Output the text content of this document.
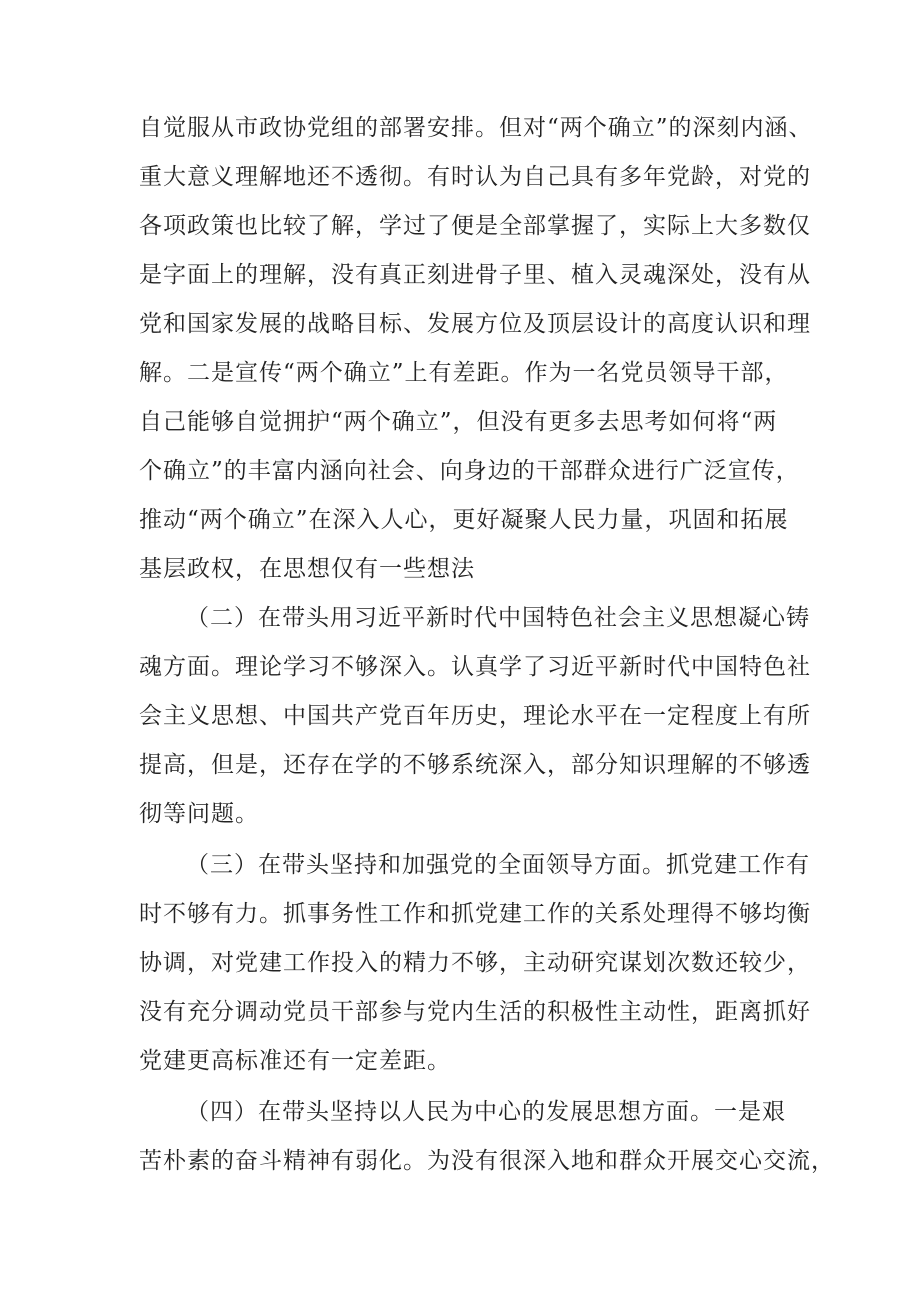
自觉服从市政协党组的部署安排。但对“两个确立”的深刻内涵、
重大意义理解地还不透彻。有时认为自己具有多年党龄，对党的
各项政策也比较了解，学过了便是全部掌握了，实际上大多数仅
是字面上的理解，没有真正刻进骨子里、植入灵魂深处，没有从
党和国家发展的战略目标、发展方位及顶层设计的高度认识和理
解。二是宣传“两个确立”上有差距。作为一名党员领导干部，
自己能够自觉拥护“两个确立”，但没有更多去思考如何将“两
个确立”的丰富内涵向社会、向身边的干部群众进行广泛宣传，
推动“两个确立”在深入人心，更好凝聚人民力量，巩固和拓展
基层政权，在思想仅有一些想法
（二）在带头用习近平新时代中国特色社会主义思想凝心铸
魂方面。理论学习不够深入。认真学了习近平新时代中国特色社
会主义思想、中国共产党百年历史，理论水平在一定程度上有所
提高，但是，还存在学的不够系统深入，部分知识理解的不够透
彻等问题。
（三）在带头坚持和加强党的全面领导方面。抓党建工作有
时不够有力。抓事务性工作和抓党建工作的关系处理得不够均衡
协调，对党建工作投入的精力不够，主动研究谋划次数还较少，
没有充分调动党员干部参与党内生活的积极性主动性，距离抓好
党建更高标准还有一定差距。
（四）在带头坚持以人民为中心的发展思想方面。一是艰
苦朴素的奋斗精神有弱化。为没有很深入地和群众开展交心交流，
